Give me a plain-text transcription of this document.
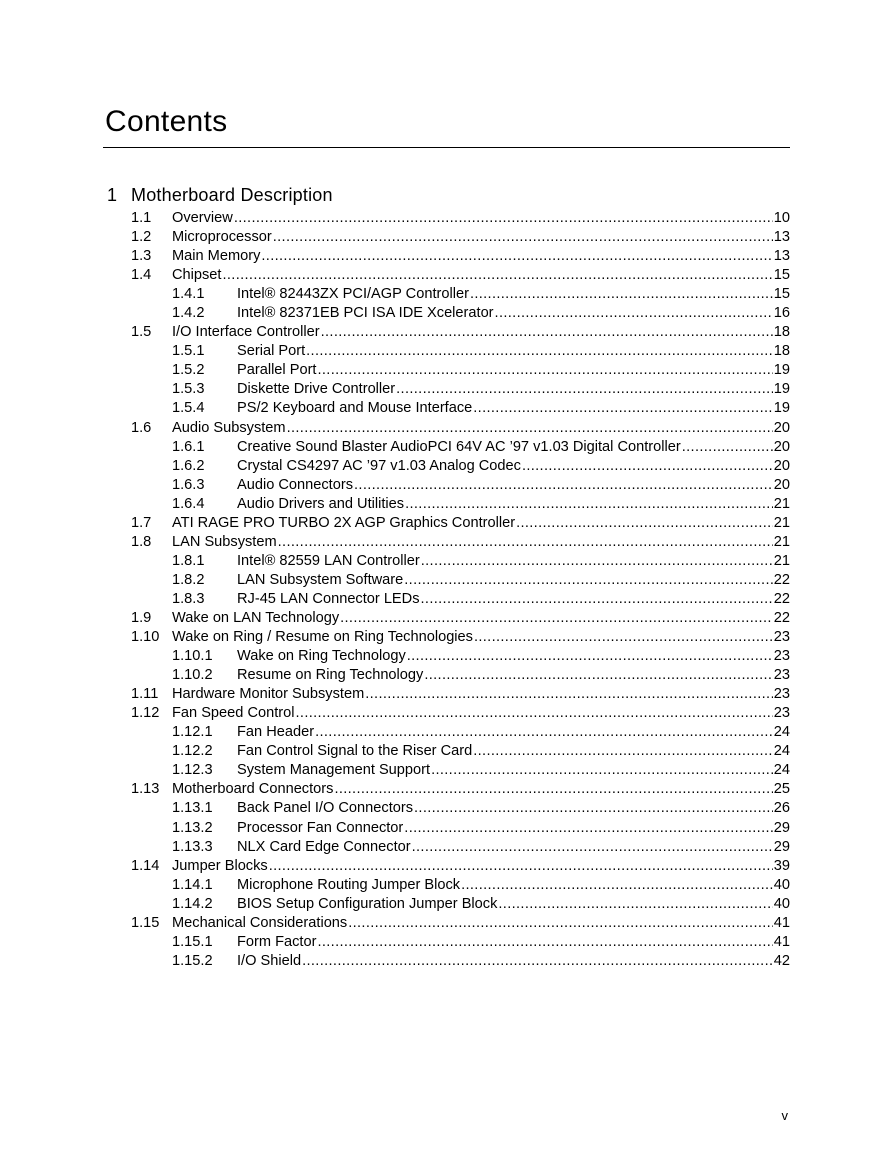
Contents
1 Motherboard Description
1.1 Overview .....	10
1.2 Microprocessor .....	13
1.3 Main Memory .....	13
1.4 Chipset .....	15
1.4.1 Intel® 82443ZX PCI/AGP Controller .....	15
1.4.2 Intel® 82371EB PCI ISA IDE Xcelerator .....	16
1.5 I/O Interface Controller .....	18
1.5.1 Serial Port .....	18
1.5.2 Parallel Port .....	19
1.5.3 Diskette Drive Controller .....	19
1.5.4 PS/2 Keyboard and Mouse Interface .....	19
1.6 Audio Subsystem .....	20
1.6.1 Creative Sound Blaster AudioPCI 64V AC ’97 v1.03 Digital Controller .....	20
1.6.2 Crystal CS4297 AC ’97 v1.03 Analog Codec .....	20
1.6.3 Audio Connectors .....	20
1.6.4 Audio Drivers and Utilities .....	21
1.7 ATI RAGE PRO TURBO 2X AGP Graphics Controller .....	21
1.8 LAN Subsystem .....	21
1.8.1 Intel® 82559 LAN Controller .....	21
1.8.2 LAN Subsystem Software .....	22
1.8.3 RJ-45 LAN Connector LEDs .....	22
1.9 Wake on LAN Technology .....	22
1.10 Wake on Ring / Resume on Ring Technologies .....	23
1.10.1 Wake on Ring Technology .....	23
1.10.2 Resume on Ring Technology .....	23
1.11 Hardware Monitor Subsystem .....	23
1.12 Fan Speed Control .....	23
1.12.1 Fan Header .....	24
1.12.2 Fan Control Signal to the Riser Card .....	24
1.12.3 System Management Support .....	24
1.13 Motherboard Connectors .....	25
1.13.1 Back Panel I/O Connectors .....	26
1.13.2 Processor Fan Connector .....	29
1.13.3 NLX Card Edge Connector .....	29
1.14 Jumper Blocks .....	39
1.14.1 Microphone Routing Jumper Block .....	40
1.14.2 BIOS Setup Configuration Jumper Block .....	40
1.15 Mechanical Considerations .....	41
1.15.1 Form Factor .....	41
1.15.2 I/O Shield .....	42
v
